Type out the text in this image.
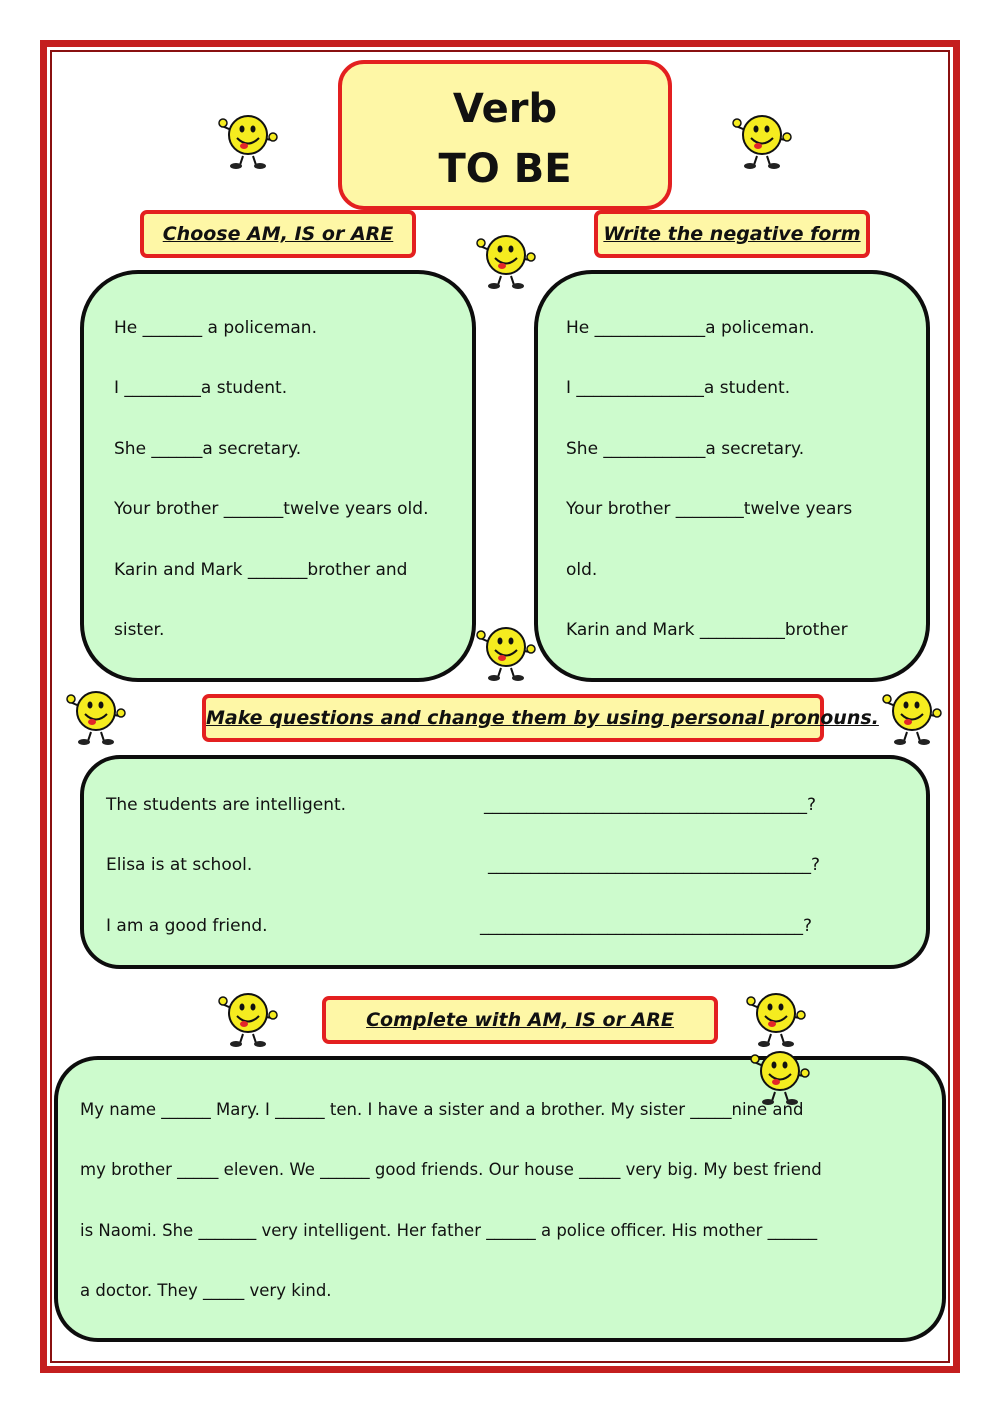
Verb
TO BE
Choose AM, IS or ARE	Write the negative form
Make questions and change them by using personal pronouns.
Complete with AM, IS or ARE
He _______ a policeman.
I _________a student.
She ______a secretary.
Your brother _______twelve years old.
Karin and Mark _______brother and
sister.
He _____________a policeman.
I _______________a student.
She ____________a secretary.
Your brother ________twelve years
old.
Karin and Mark __________brother
The students are intelligent.	______________________________________?
Elisa is at school.	______________________________________?
I am a good friend.	______________________________________?
My name ______ Mary. I ______ ten. I have a sister and a brother. My sister _____nine and
my brother _____ eleven. We ______ good friends. Our house _____ very big. My best friend
is Naomi. She _______ very intelligent. Her father ______ a police officer. His mother ______
a doctor. They _____ very kind.
